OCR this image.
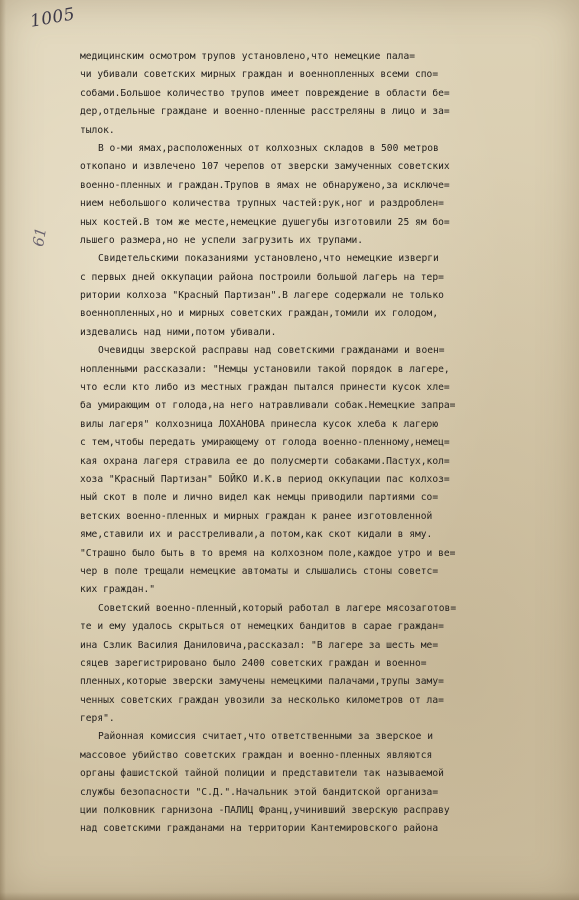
1005
61
медицинским осмотром трупов установлено,что немецкие пала=
чи убивали советских мирных граждан и военнопленных всеми спо=
собами.Большое количество трупов имеет повреждение в области бе=
дер,отдельные граждане и военно-пленные расстреляны в лицо и за=
тылок.
В о-ми ямах,расположенных от колхозных складов в 500 метров
откопано и извлечено 107 черепов от зверски замученных советских
военно-пленных и граждан.Трупов в ямах не обнаружено,за исключе=
нием небольшого количества трупных частей:рук,ног и раздроблен=
ных костей.В том же месте,немецкие душегубы изготовили 25 ям бо=
льшего размера,но не успели загрузить их трупами.
Свидетельскими показаниями установлено,что немецкие изверги
с первых дней оккупации района построили большой лагерь на тер=
ритории колхоза "Красный Партизан".В лагере содержали не только
военнопленных,но и мирных советских граждан,томили их голодом,
издевались над ними,потом убивали.
Очевидцы зверской расправы над советскими гражданами и воен=
нопленными рассказали: "Немцы установили такой порядок в лагере,
что если кто либо из местных граждан пытался принести кусок хле=
ба умирающим от голода,на него натравливали собак.Немецкие запра=
вилы лагеря" колхозница ЛОХАНОВА принесла кусок хлеба к лагерю
с тем,чтобы передать умирающему от голода военно-пленному,немец=
кая охрана лагеря стравила ее до полусмерти собаками.Пастух,кол=
хоза "Красный Партизан" БОЙКО И.К.в период оккупации пас колхоз=
ный скот в поле и лично видел как немцы приводили партиями со=
ветских военно-пленных и мирных граждан к ранее изготовленной
яме,ставили их и расстреливали,а потом,как скот кидали в яму.
"Страшно было быть в то время на колхозном поле,каждое утро и ве=
чер в поле трещали немецкие автоматы и слышались стоны советс=
ких граждан."
Советский военно-пленный,который работал в лагере мясозаготов=
те и ему удалось скрыться от немецких бандитов в сарае граждан=
ина Сзлик Василия Даниловича,рассказал: "В лагере за шесть ме=
сяцев зарегистрировано было 2400 советских граждан и военно=
пленных,которые зверски замучены немецкими палачами,трупы заму=
ченных советских граждан увозили за несколько километров от ла=
геря".
Районная комиссия считает,что ответственными за зверское и
массовое убийство советских граждан и военно-пленных являются
органы фашистской тайной полиции и представители так называемой
службы безопасности "С.Д.".Начальник этой бандитской организа=
ции полковник гарнизона -ПАЛИЦ Франц,учинивший зверскую расправу
над советскими гражданами на территории Кантемировского района
